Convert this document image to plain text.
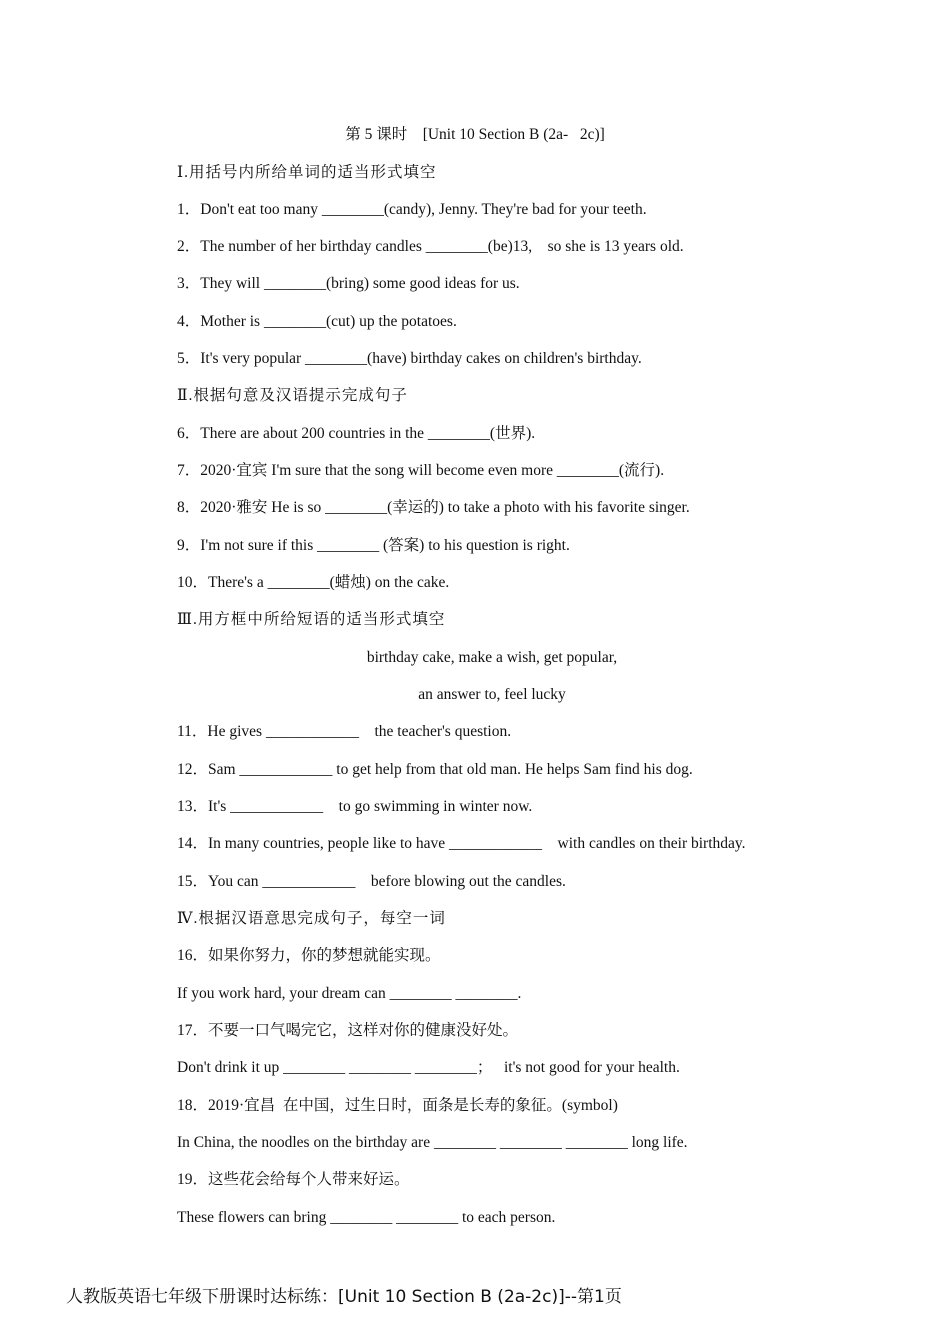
第 5 课时    [Unit 10 Section B (2a-   2c)]
Ⅰ.用括号内所给单词的适当形式填空
1．Don't eat too many ________(candy), Jenny. They're bad for your teeth.
2．The number of her birthday candles ________(be)13,    so she is 13 years old.
3．They will ________(bring) some good ideas for us.
4．Mother is ________(cut) up the potatoes.
5．It's very popular ________(have) birthday cakes on children's birthday.
Ⅱ.根据句意及汉语提示完成句子
6．There are about 200 countries in the ________(世界).
7．2020·宜宾 I'm sure that the song will become even more ________(流行).
8．2020·雅安 He is so ________(幸运的) to take a photo with his favorite singer.
9．I'm not sure if this ________ (答案) to his question is right.
10．There's a ________(蜡烛) on the cake.
Ⅲ.用方框中所给短语的适当形式填空
birthday cake, make a wish, get popular,
an answer to, feel lucky
11．He gives ____________    the teacher's question.
12．Sam ____________ to get help from that old man. He helps Sam find his dog.
13．It's ____________    to go swimming in winter now.
14．In many countries, people like to have ____________    with candles on their birthday.
15．You can ____________    before blowing out the candles.
Ⅳ.根据汉语意思完成句子，每空一词
16．如果你努力，你的梦想就能实现。
If you work hard, your dream can ________ ________.
17．不要一口气喝完它，这样对你的健康没好处。
Don't drink it up ________ ________ ________；   it's not good for your health.
18．2019·宜昌  在中国，过生日时，面条是长寿的象征。(symbol)
In China, the noodles on the birthday are ________ ________ ________ long life.
19．这些花会给每个人带来好运。
These flowers can bring ________ ________ to each person.
人教版英语七年级下册课时达标练：[Unit 10 Section B (2a-2c)]--第1页
